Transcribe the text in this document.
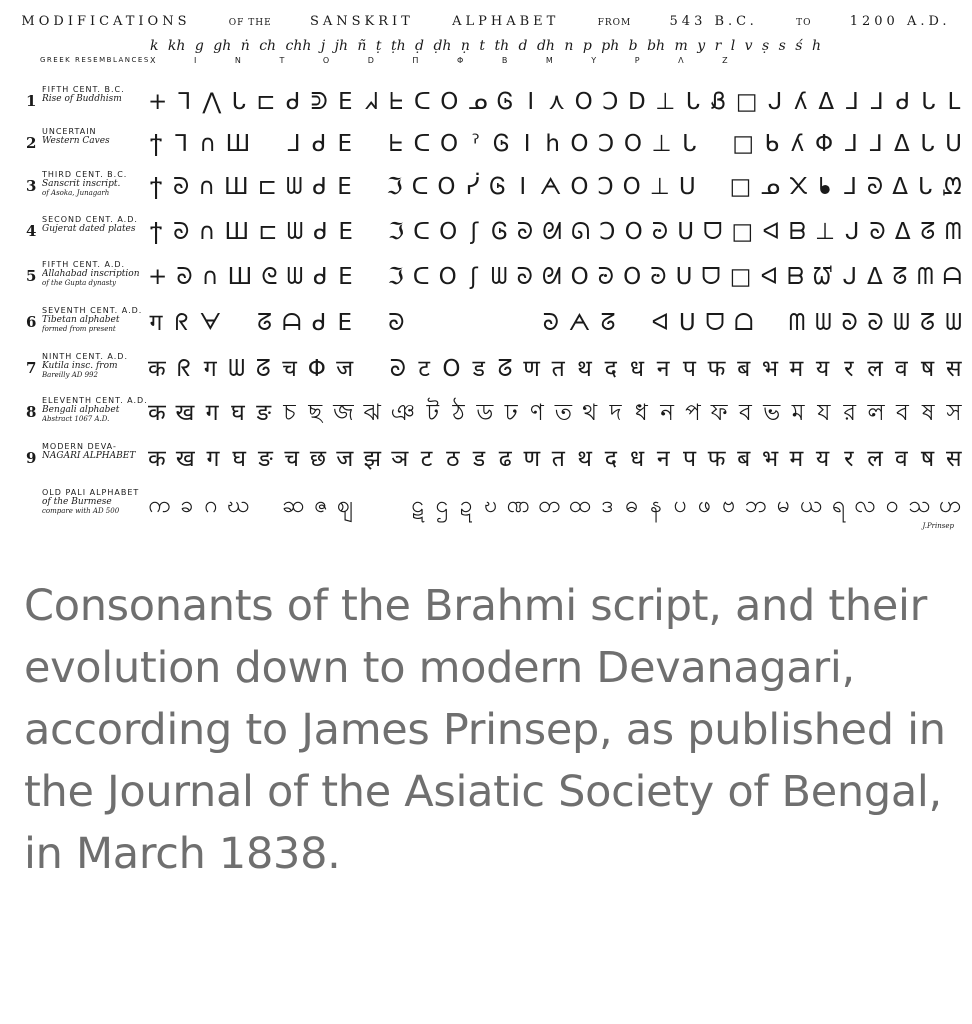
MODIFICATIONS	OF THE	SANSKRIT	ALPHABET	FROM	543 B.C.	TO	1200 A.D.
k kh g gh ṅ ch chh j jh ñ ṭ ṭh ḍ ḍh ṇ t th d dh n p ph b bh m y r l v ṣ s ś h
GREEK RESEMBLANCES X I N T O D Π Φ B M Υ P Λ Z
1
FIFTH CENT. B.C.
Rise of Buddhism	+ ⅂ ⋀ ᒐ ⊏ ᑯ ᕲ E ᖽ ᖶ ᑕ O ᓄ Ꮆ I ⋏ O Ͻ D ⊥ ᒐ Ᏸ □ ᒍ ʎ ᐃ ᒧ ⅃ ᑯ ᒐ ᒪ
2
UNCERTAIN
Western Caves	ϯ ⅂ ∩ Ш ᒧ ᑯ E ᖶ ᑕ O ˀ Ꮆ I h O Ͻ O ⊥ ᒐ □ ᑲ ʎ Φ ᒧ ⅃ ᐃ ᒐ ᑌ
3
THIRD CENT. B.C.
Sanscrit inscript.
of Asoka, Junagarh	ϯ ᘐ ∩ Ш ⊏ ᗯ ᑯ E ℑ ᑕ O ᓰ Ꮆ I ᗅ O Ͻ O ⊥ ᑌ □ ᓄ ᙭ ᖲ ᒧ ᘐ ᐃ ᒐ ᘻ
4
SECOND CENT. A.D.
Gujerat dated plates ϯ ᘐ ∩ Ш ⊏ ᗯ ᑯ E ℑ ᑕ O ʃ Ꮆ ᘐ ᘛ ᘏ Ͻ O ᘒ ᑌ ᗜ □ ᐊ ᗷ ⊥ ᒍ ᘐ ᐃ ᘔ ᗰ
5
FIFTH CENT. A.D.
Allahabad inscription
of the Gupta dynasty	+ ᘐ ∩ Ш ᘓ ᗯ ᑯ E ℑ ᑕ O ʃ ᗯ ᘐ ᘛ O ᘒ O ᘒ ᑌ ᗜ □ ᐊ ᗷ ᘺ ᒍ ᐃ ᘔ ᗰ ᗩ
6
SEVENTH CENT. A.D.
Tibetan alphabet
formed from present	ग ᖇ ᗄ ᘔ ᗩ ᑯ E ᘐ	ᘐ ᗅ ᘔ ᐊ ᑌ ᗜ ᗝ ᗰ ᗯ ᘐ ᘐ ᗯ ᘔ ᗯ
7
NINTH CENT. A.D.
Kutila insc. from
Bareilly AD 992	क ᖇ ग ᗯ ᘔ च Φ ज ᘐ ट O ड ᘔ ण त थ द ध न प फ ब भ म य र ल व ष स
8
ELEVENTH CENT. A.D.
Bengali alphabet
Abstract 1067 A.D.	क ख ग घ ङ চ ছ জ ঝ ঞ ট ঠ ড ঢ ণ ত থ দ ধ ন প ফ ব ভ ম য র ল ব ষ স
9
MODERN DEVA-
NAGARI ALPHABET क ख ग घ ङ च छ ज झ ञ ट ठ ड ढ ण त थ द ध न प फ ब भ म य र ल व ष स
OLD PALI ALPHABET
of the Burmese
compare with AD 500	က ခ ဂ ဃ ဆ ဇ ဈ	ဋ ဌ ဍ ဎ ဏ တ ထ ဒ ဓ န ပ ဖ ဗ ဘ မ ယ ရ လ ဝ သ ဟ
J.Prinsep

Consonants of the Brahmi script, and their evolution down to modern Devanagari, according to James Prinsep, as published in the Journal of the Asiatic Society of Bengal, in March 1838.
